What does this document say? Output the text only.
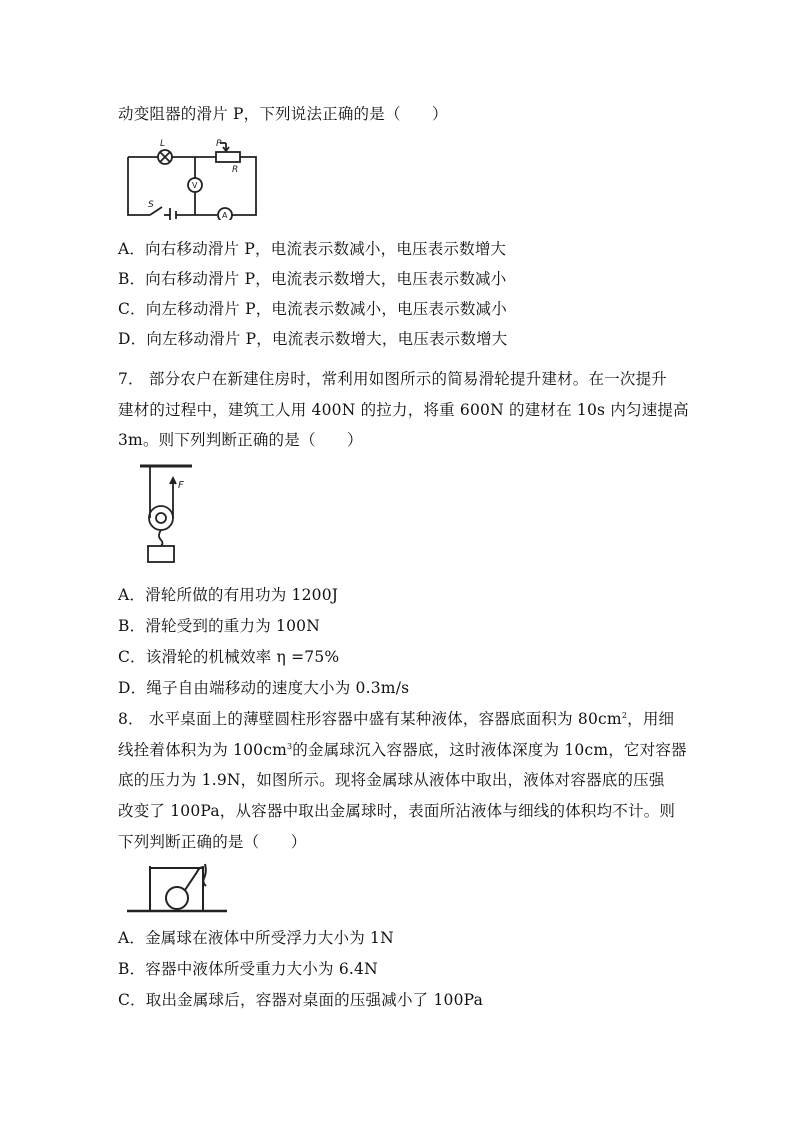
动变阻器的滑片 P，下列说法正确的是（　　）
L	P
R
V
A
S
A．向右移动滑片 P，电流表示数减小，电压表示数增大
B．向右移动滑片 P，电流表示数增大，电压表示数减小
C．向左移动滑片 P，电流表示数减小，电压表示数减小
D．向左移动滑片 P，电流表示数增大，电压表示数增大
7． 部分农户在新建住房时，常利用如图所示的简易滑轮提升建材。在一次提升
建材的过程中，建筑工人用 400N 的拉力，将重 600N 的建材在 10s 内匀速提高
3m。则下列判断正确的是（　　）
F
A．滑轮所做的有用功为 1200J
B．滑轮受到的重力为 100N
C．该滑轮的机械效率 η =75%
D．绳子自由端移动的速度大小为 0.3m/s
8． 水平桌面上的薄壁圆柱形容器中盛有某种液体，容器底面积为 $80cm^2$，用细
线拴着体积为为 $100cm^3$的金属球沉入容器底，这时液体深度为 10cm，它对容器
底的压力为 1.9N，如图所示。现将金属球从液体中取出，液体对容器底的压强
改变了 100Pa，从容器中取出金属球时，表面所沾液体与细线的体积均不计。则
下列判断正确的是（　　）
A．金属球在液体中所受浮力大小为 1N
B．容器中液体所受重力大小为 6.4N
C．取出金属球后，容器对桌面的压强减小了 100Pa
